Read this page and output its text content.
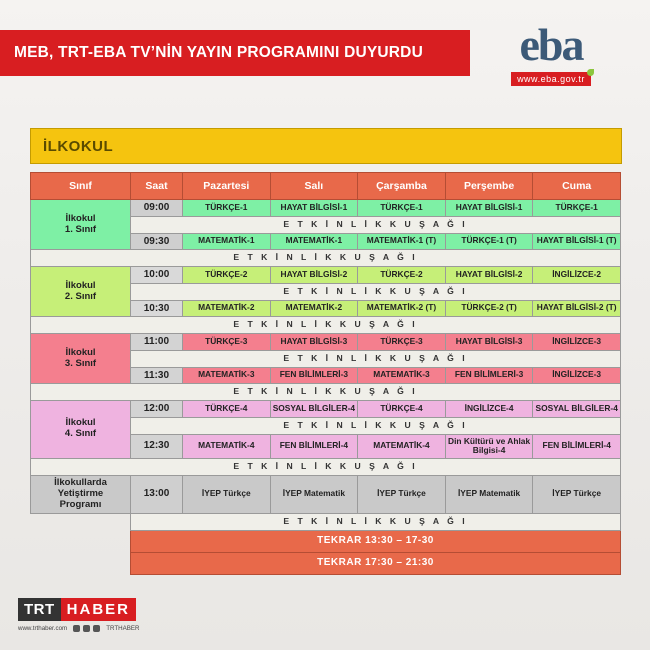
MEB, TRT-EBA TV’NİN YAYIN PROGRAMINI DUYURDU	eba
www.eba.gov.tr
İLKOKUL
Sınıf	Saat	Pazartesi	Salı	Çarşamba	Perşembe	Cuma

İlkokul
1. Sınıf	09:00	TÜRKÇE-1	HAYAT BİLGİSİ-1	TÜRKÇE-1	HAYAT BİLGİSİ-1	TÜRKÇE-1
	E T K İ N L İ K K U Ş A Ğ I					
	09:30	MATEMATİK-1	MATEMATİK-1	MATEMATİK-1 (T)	TÜRKÇE-1 (T)	HAYAT BİLGİSİ-1 (T)
E T K İ N L İ K K U Ş A Ğ I						

İlkokul
2. Sınıf	10:00	TÜRKÇE-2	HAYAT BİLGİSİ-2	TÜRKÇE-2	HAYAT BİLGİSİ-2	İNGİLİZCE-2
	E T K İ N L İ K K U Ş A Ğ I					
	10:30	MATEMATİK-2	MATEMATİK-2	MATEMATİK-2 (T)	TÜRKÇE-2 (T)	HAYAT BİLGİSİ-2 (T)
E T K İ N L İ K K U Ş A Ğ I						

İlkokul
3. Sınıf	11:00	TÜRKÇE-3	HAYAT BİLGİSİ-3	TÜRKÇE-3	HAYAT BİLGİSİ-3	İNGİLİZCE-3
	E T K İ N L İ K K U Ş A Ğ I					
	11:30	MATEMATİK-3	FEN BİLİMLERİ-3	MATEMATİK-3	FEN BİLİMLERİ-3	İNGİLİZCE-3
E T K İ N L İ K K U Ş A Ğ I						

İlkokul
4. Sınıf	12:00	TÜRKÇE-4	SOSYAL BİLGİLER-4	TÜRKÇE-4	İNGİLİZCE-4	SOSYAL BİLGİLER-4
	E T K İ N L İ K K U Ş A Ğ I					
	12:30	MATEMATİK-4	FEN BİLİMLERİ-4	MATEMATİK-4	Din Kültürü ve Ahlak Bilgisi-4	FEN BİLİMLERİ-4
E T K İ N L İ K K U Ş A Ğ I						

İlkokullarda
Yetiştirme
Programı	13:00	İYEP Türkçe	İYEP Matematik	İYEP Türkçe	İYEP Matematik	İYEP Türkçe
	E T K İ N L İ K K U Ş A Ğ I					
	TEKRAR 13:30 – 17-30					
	TEKRAR 17:30 – 21:30					
TRT HABER
www.trthaber.com	TRTHABER
